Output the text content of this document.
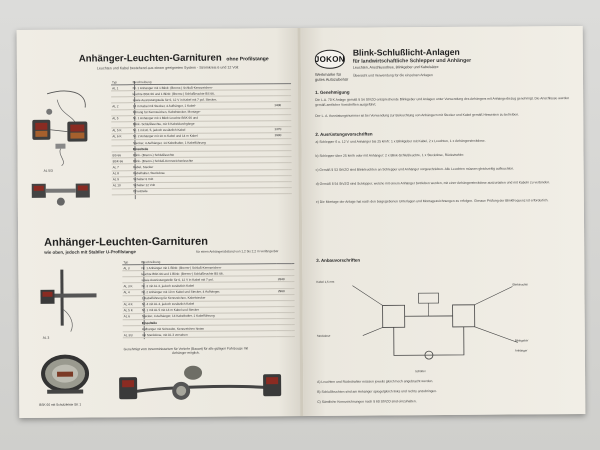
Anhänger-Leuchten-Garnituren ohne Profilstange
Leuchten und Kabel bestehend aus einem geeigneten System - Stromkreis 6 und 12 Volt
AL 5/3
Typ	Beschreibung		
AL 1	Nr. 1 Anhänger mit 1 Blink- (Brems-) Schluß-Kennzeichen-		
	leuchte BSK 66 und 1 Blink- (Brems-) Schlußleuchte BS 66,		
	sowie Ausrüstungsteile für 6, 12 V in Kabel mit 7 pol. Stecker,		
AL 2	14 m Kabel mit Stecker, 4 Aufhänger, 1 Kabel-	1400	
	führung für Kennzeichen, Kabelstecker, Montage-		
AL 5	Nr. 1 Anhänger mit 1 Blink-Leuchte BSK 66 und		
	Blink- Schlußleuchte, mit 6 Kabeldurchgänge		
AL 5 K	Nr. 1 mit Al. 5, jedoch zusätzlich Kabel	1370	
AL 6 K	Nr. 2 Anhänger mit 10 m Kabel und 14 m Kabel	1900	
	Stecker, 4 Aufhänger, 14 Kabelhalter, 1 Kabelführung		
	Einzelteile		
BS 66	Blink- (Brems-) Schlußleuchte		
BSK 66	Blink- (Brems-) Schluß-Kennzeichenleuchte		
AL 7	Kabel, Stecker		
AL 8	Kabelhalter, Steckdose		
AL 9	Schalter 6 Volt		
AL 10	Schalter 12 Volt		
	Ersatzteile		
Anhänger-Leuchten-Garnituren
wie oben, jedoch mit Stabiler U-Profilstange	für einen Anhängerabstand von 1,2 bis 2,2 m verlängerbar
AL 3
BSK 66 mit Schutzleiste SK 1
Typ	Beschreibung		
AL 3	Nr. 1 Anhänger mit 1 Blink- (Brems-) Schluß-Kennzeichen-		
	leuchte BSK 66 und 1 Blink- (Brems-) Schlußleuchte BS 66,		
	sowie Ausrüstungsteile für 6, 12 V in Kabel mit 7 pol.	2640	
AL 3 K	Nr. 3 mit AL 3, jedoch zusätzlich Kabel		
AL 4	Nr. 2 Anhänger mit 10 m Kabel und Stecker, 4 Aufhänger,	2960	
	1 Kabelführung für Kennzeichen, Kabelstecker		
AL 4 K	Nr. 4 mit AL 4, jedoch zusätzlich Kabel		
AL 5 K	Nr. 1 mit AL 5 mit 14 m Kabel und Stecker		
AL 6	Stecker, 4 Aufhänger, 14 Kabelhalter, 1 Kabelführung		
	Einzelteile		
	Aufhänger mit Schraube, Kennzeichen hinten		
AL 3/3	mit Steckdose, mit AL 3 versehen		
Genehmigt vom Innenministerium für Verkehr (Bauart) für alle gültigen Fahrzeuge mit Anhänger möglich.
JOKON
Werkmarke für
gutes Autozubehör
Blink-Schlußlicht-Anlagen
für landwirtschaftliche Schlepper und Anhänger
Leuchten, Anschlussdose, Blinkgeber und Kabelsätze
Übersicht und Verwendung für die einzelnen Anlagen
1. Genehmigung
Die L.A. 70 K Anlage gemäß § 54 StVZO entsprechende Blinkgeber und Anlagen unter Verwendung des Anhängers mit Anhängerbezug genehmigt. Die Anschlüsse werden gemäß amtlicher Vorschriften ausgeführt.
Der L. A. Ausrüstungsnummer ist bei Verwendung zur Beleuchtung von Anhängern mit Stecker und Kabel gemäß Hinweisen zu betreiben.
2. Ausrüstungsvorschriften
a) Schlepper 6 u. 12 V. und Anhänger bis 25 km/h: 1 x Blinkgeber mit Kabel, 2 x Leuchten, 1 x Anhängersteckdose.
b) Schlepper über 25 km/h oder mit Anhänger: 2 x Blink-Schlußleuchte, 1 x Steckdose, Rückstrahler.
c) Gemäß § 53 StVZO sind Blinkleuchten an Schlepper und Anhänger vorgeschrieben. Alle Leuchten müssen gleichzeitig aufleuchten.
d) Gemäß § 54 StVZO sind Schlepper, welche mit einem Anhänger betrieben werden, mit einer Anhängersteckdose auszurüsten und mit Kabeln zu verbinden.
e) Die Montage der Anlage hat nach den beigegebenen Unterlagen und Montagezeichnungen zu erfolgen. Genaue Prüfung der Blinkfrequenz ist erforderlich.
3. Anbauvorschriften
Kabel 1,5 mm
Blinkleuchte
Steckdose
Blinkgeber
Anhänger
Schalter
A) Leuchten und Rückstrahler müssen jeweils gleich hoch angebracht werden.
B) Schlußleuchten sind am Anhänger spiegelgleich links und rechts anzubringen.
C) Sämtliche Kennzeichnungen nach § 60 StVZO sind einzuhalten.
